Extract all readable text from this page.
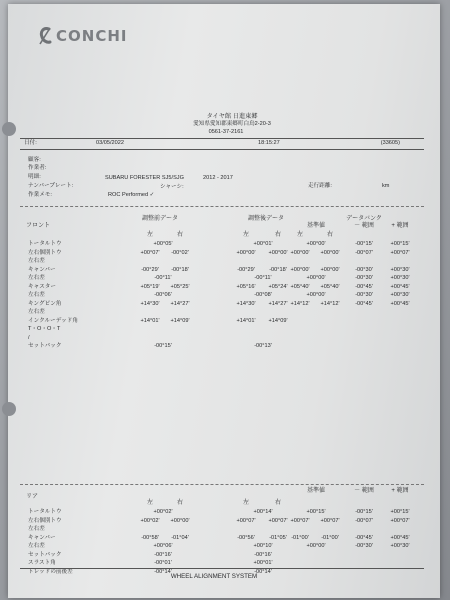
CONCHI
タイヤ館 日進東郷
愛知県愛知郡東郷町白鳥2-20-3
0561-37-2161
日付:	03/05/2022	18:15:27	(33605)
顧客:
作業者:
明細:	SUBARU FORESTER SJ5/SJG	2012 - 2017
ナンバープレート:	シャーシ:	走行距離:	km
作業メモ:	ROC Performed ✓
フロント
調整前データ	調整後データ	データバンク
基準値	－ 範囲	+ 範囲
左	右	左	右	左	右
トータルトウ	+00°05'	+00°01'	+00°00'	-00°15'	+00°15'
左右個別トウ	+00°07' -00°02'	+00°00' +00°00' +00°00' +00°00'	-00°07'	+00°07'
左右差
キャンバー	-00°29' -00°18'	-00°29'	-00°18' +00°00' +00°00'	-00°30'	+00°30'
左右差	-00°11'	-00°11'	+00°00'	-00°30'	+00°30'
キャスター	+05°19' +05°25'	+05°16' +05°24' +05°40' +05°40'	-00°45'	+00°45'
左右差	-00°06'	-00°08'	+00°00'	-00°30'	+00°30'
キングピン角	+14°30' +14°27'	+14°30' +14°27' +14°12' +14°12'	-00°45'	+00°45'
左右差
インクルーデッド角	+14°01' +14°09'	+14°01' +14°09'
T・O・O・T
/
セットバック	-00°15'	-00°13'
リア
基準値	－ 範囲	+ 範囲
左	右	左	右
トータルトウ	+00°02'	+00°14'	+00°15'	-00°15'	+00°15'
左右個別トウ	+00°02' +00°00'	+00°07' +00°07' +00°07' +00°07'	-00°07'	+00°07'
左右差
キャンバー	-00°58' -01°04'	-00°56'	-01°05' -01°00' -01°00'	-00°45'	+00°45'
左右差	+00°06'	+00°10'	+00°00'	-00°30'	+00°30'
セットバック	-00°16'	-00°16'
スラスト角	-00°01'	+00°01'
トレッドの前後差	-00°14'	-00°14'
WHEEL ALIGNMENT SYSTEM
